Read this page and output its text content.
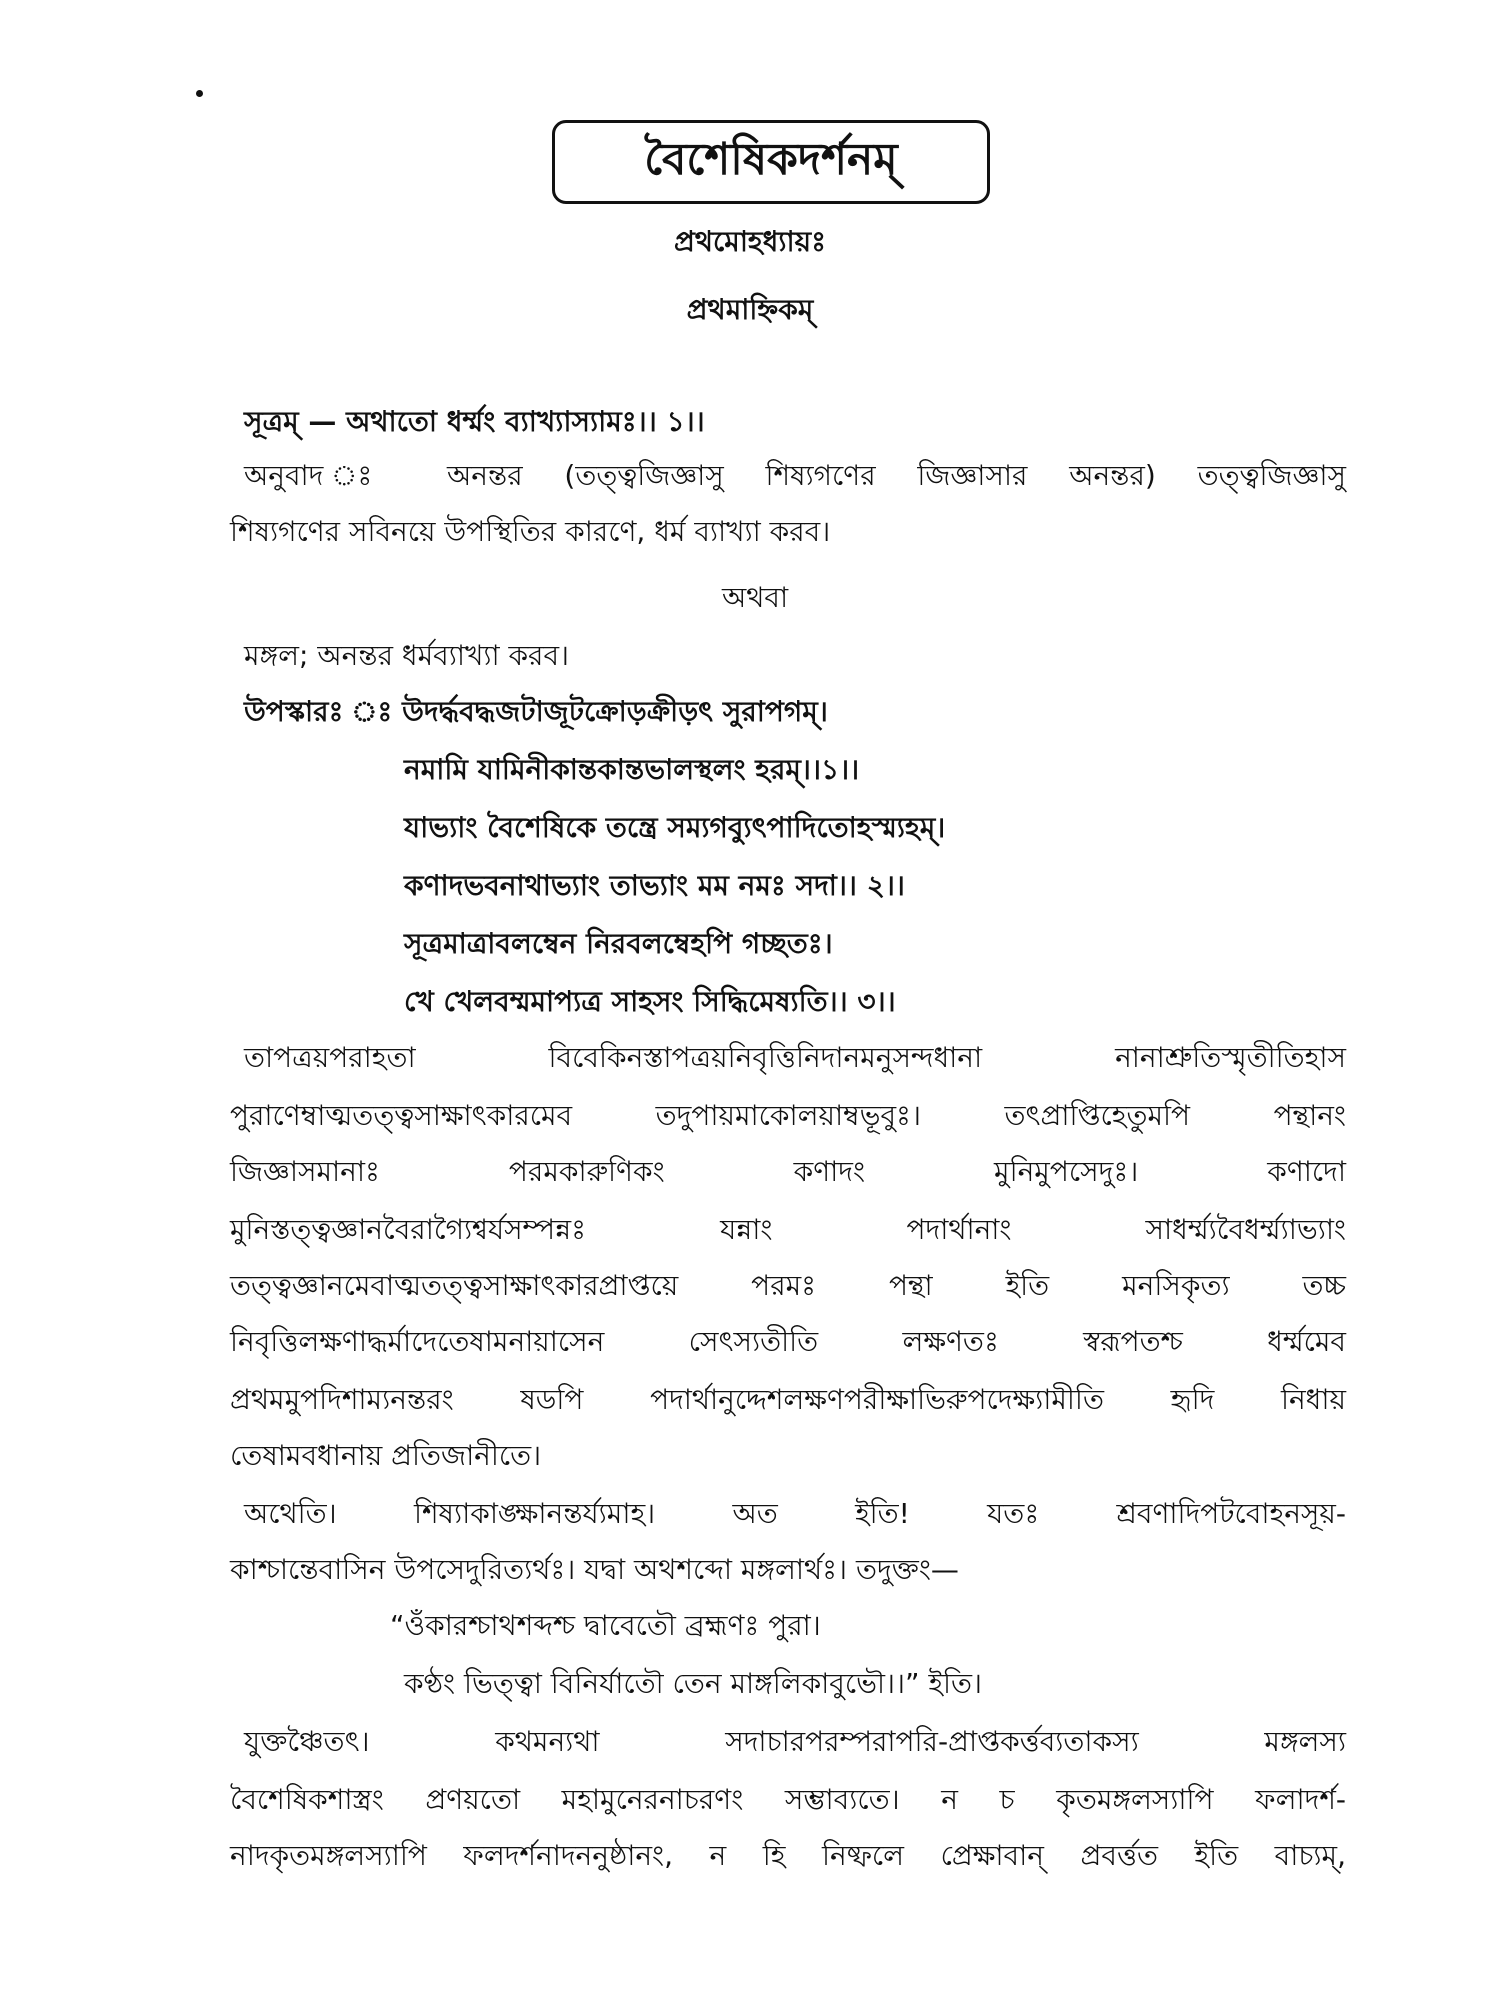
বৈশেষিকদর্শনম্
প্রথমোহধ্যায়ঃ
প্রথমাহ্নিকম্
সূত্রম্ — অথাতো ধর্ম্মং ব্যাখ্যাস্যামঃ।। ১।।
অনুবাদ ঃ অনন্তর (তত্ত্বজিজ্ঞাসু শিষ্যগণের জিজ্ঞাসার অনন্তর) তত্ত্বজিজ্ঞাসু
শিষ্যগণের সবিনয়ে উপস্থিতির কারণে, ধর্ম ব্যাখ্যা করব।
অথবা
মঙ্গল; অনন্তর ধর্মব্যাখ্যা করব।
উপস্কারঃ ঃ উদর্দ্ধবদ্ধজটাজূটক্রোড়ক্রীড়ৎ সুরাপগম্।
নমামি যামিনীকান্তকান্তভালস্থলং হরম্।।১।।
যাভ্যাং বৈশেষিকে তন্ত্রে সম্যগব্যুৎপাদিতোহস্ম্যহম্।
কণাদভবনাথাভ্যাং তাভ্যাং মম নমঃ সদা।। ২।।
সূত্রমাত্রাবলম্বেন নিরবলম্বেহপি গচ্ছতঃ।
খে খেলবম্মমাপ্যত্র সাহসং সিদ্ধিমেষ্যতি।। ৩।।
তাপত্রয়পরাহতা বিবেকিনস্তাপত্রয়নিবৃত্তিনিদানমনুসন্দধানা নানাশ্রুতিস্মৃতীতিহাস
পুরাণেম্বাত্মতত্ত্বসাক্ষাৎকারমেব তদুপায়মাকোলয়াম্বভূবুঃ। তৎপ্রাপ্তিহেতুমপি পন্থানং
জিজ্ঞাসমানাঃ পরমকারুণিকং কণাদং মুনিমুপসেদুঃ। কণাদো
মুনিস্তত্ত্বজ্ঞানবৈরাগ্যৈশ্বর্যসম্পন্নঃ যন্নাং পদার্থানাং সাধর্ম্ম্যবৈধর্ম্ম্যাভ্যাং
তত্ত্বজ্ঞানমেবাত্মতত্ত্বসাক্ষাৎকারপ্রাপ্তয়ে পরমঃ পন্থা ইতি মনসিকৃত্য তচ্চ
নিবৃত্তিলক্ষণাদ্ধর্মাদেতেষামনায়াসেন সেৎস্যতীতি লক্ষণতঃ স্বরূপতশ্চ ধর্ম্মমেব
প্রথমমুপদিশাম্যনন্তরং ষডপি পদার্থানুদ্দেশলক্ষণপরীক্ষাভিরুপদেক্ষ্যামীতি হৃদি নিধায়
তেষামবধানায় প্রতিজানীতে।
অথেতি। শিষ্যাকাঙ্ক্ষানন্তর্য্যমাহ। অত ইতি! যতঃ শ্রবণাদিপটবোহনসূয়-
কাশ্চান্তেবাসিন উপসেদুরিত্যর্থঃ। যদ্বা অথশব্দো মঙ্গলার্থঃ। তদুক্তং—
“ওঁকারশ্চাথশব্দশ্চ দ্বাবেতৌ ব্রহ্মণঃ পুরা।
কণ্ঠং ভিত্ত্বা বিনির্যাতৌ তেন মাঙ্গলিকাবুভৌ।।” ইতি।
যুক্তঞ্চৈতৎ। কথমন্যথা সদাচারপরম্পরাপরি-প্রাপ্তকর্ত্তব্যতাকস্য মঙ্গলস্য
বৈশেষিকশাস্ত্রং প্রণয়তো মহামুনেরনাচরণং সম্ভাব্যতে। ন চ কৃতমঙ্গলস্যাপি ফলাদর্শ-
নাদকৃতমঙ্গলস্যাপি ফলদর্শনাদননুষ্ঠানং, ন হি নিষ্ফলে প্রেক্ষাবান্ প্রবর্ত্তত ইতি বাচ্যম্,
